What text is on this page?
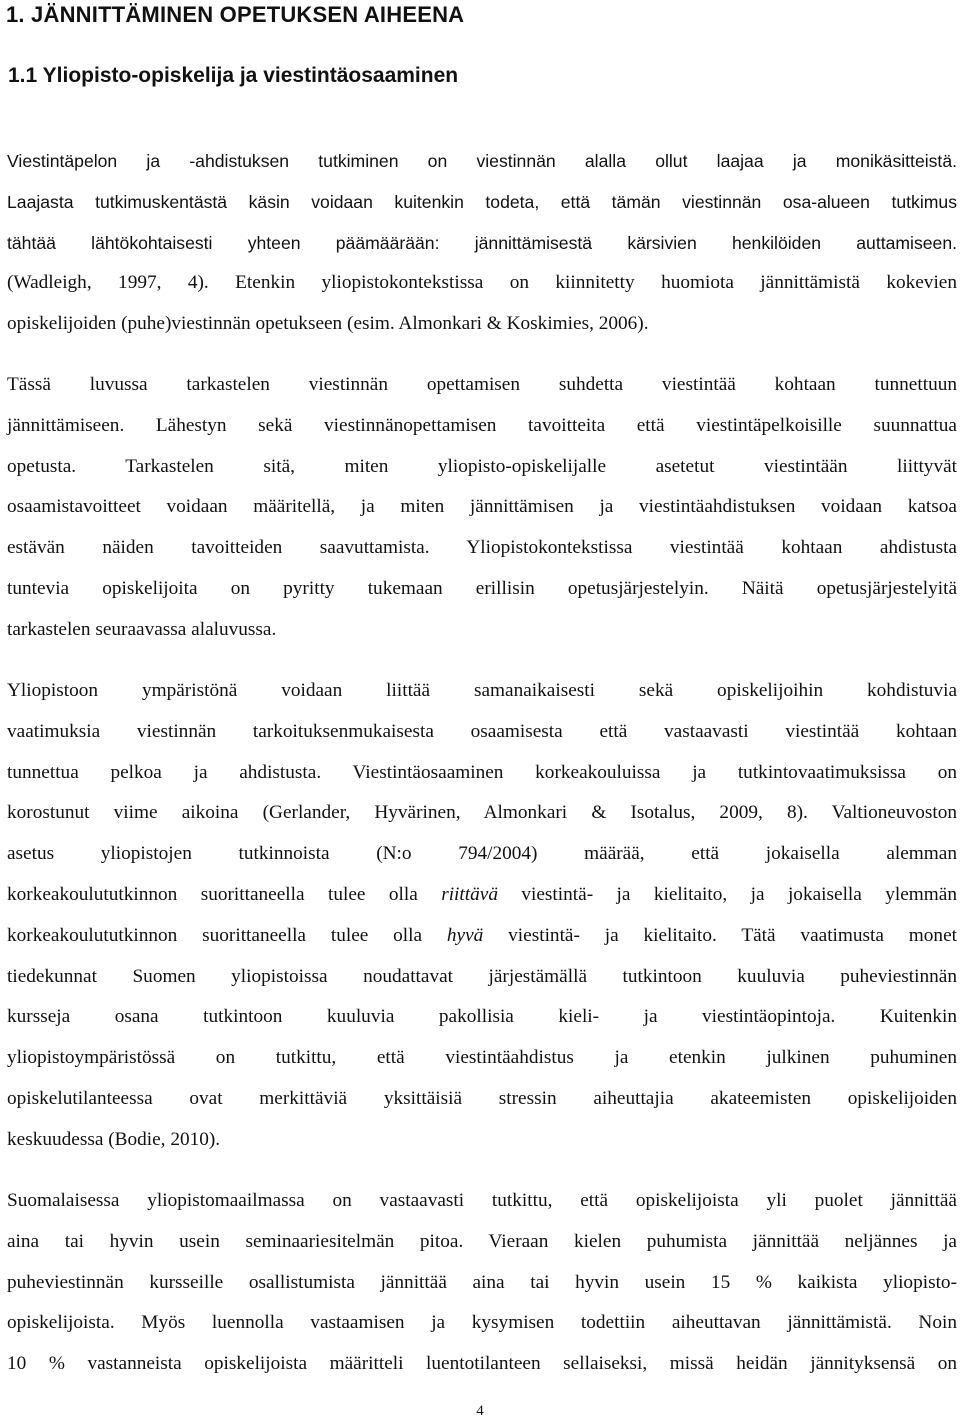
1. JÄNNITTÄMINEN OPETUKSEN AIHEENA
1.1 Yliopisto-opiskelija ja viestintäosaaminen
Viestintäpelon ja -ahdistuksen tutkiminen on viestinnän alalla ollut laajaa ja monikäsitteistä.
Laajasta tutkimuskentästä käsin voidaan kuitenkin todeta, että tämän viestinnän osa-alueen tutkimus
tähtää lähtökohtaisesti yhteen päämäärään: jännittämisestä kärsivien henkilöiden auttamiseen.
(Wadleigh, 1997, 4). Etenkin yliopistokontekstissa on kiinnitetty huomiota jännittämistä kokevien
opiskelijoiden (puhe)viestinnän opetukseen (esim. Almonkari & Koskimies, 2006).
Tässä luvussa tarkastelen viestinnän opettamisen suhdetta viestintää kohtaan tunnettuun
jännittämiseen. Lähestyn sekä viestinnänopettamisen tavoitteita että viestintäpelkoisille suunnattua
opetusta. Tarkastelen sitä, miten yliopisto-opiskelijalle asetetut viestintään liittyvät
osaamistavoitteet voidaan määritellä, ja miten jännittämisen ja viestintäahdistuksen voidaan katsoa
estävän näiden tavoitteiden saavuttamista. Yliopistokontekstissa viestintää kohtaan ahdistusta
tuntevia opiskelijoita on pyritty tukemaan erillisin opetusjärjestelyin. Näitä opetusjärjestelyitä
tarkastelen seuraavassa alaluvussa.
Yliopistoon ympäristönä voidaan liittää samanaikaisesti sekä opiskelijoihin kohdistuvia
vaatimuksia viestinnän tarkoituksenmukaisesta osaamisesta että vastaavasti viestintää kohtaan
tunnettua pelkoa ja ahdistusta. Viestintäosaaminen korkeakouluissa ja tutkintovaatimuksissa on
korostunut viime aikoina (Gerlander, Hyvärinen, Almonkari & Isotalus, 2009, 8). Valtioneuvoston
asetus yliopistojen tutkinnoista (N:o 794/2004) määrää, että jokaisella alemman
korkeakoulututkinnon suorittaneella tulee olla riittävä viestintä- ja kielitaito, ja jokaisella ylemmän
korkeakoulututkinnon suorittaneella tulee olla hyvä viestintä- ja kielitaito. Tätä vaatimusta monet
tiedekunnat Suomen yliopistoissa noudattavat järjestämällä tutkintoon kuuluvia puheviestinnän
kursseja osana tutkintoon kuuluvia pakollisia kieli- ja viestintäopintoja. Kuitenkin
yliopistoympäristössä on tutkittu, että viestintäahdistus ja etenkin julkinen puhuminen
opiskelutilanteessa ovat merkittäviä yksittäisiä stressin aiheuttajia akateemisten opiskelijoiden
keskuudessa (Bodie, 2010).
Suomalaisessa yliopistomaailmassa on vastaavasti tutkittu, että opiskelijoista yli puolet jännittää
aina tai hyvin usein seminaariesitelmän pitoa. Vieraan kielen puhumista jännittää neljännes ja
puheviestinnän kursseille osallistumista jännittää aina tai hyvin usein 15 % kaikista yliopisto-
opiskelijoista. Myös luennolla vastaamisen ja kysymisen todettiin aiheuttavan jännittämistä. Noin
10 % vastanneista opiskelijoista määritteli luentotilanteen sellaiseksi, missä heidän jännityksensä on
4
